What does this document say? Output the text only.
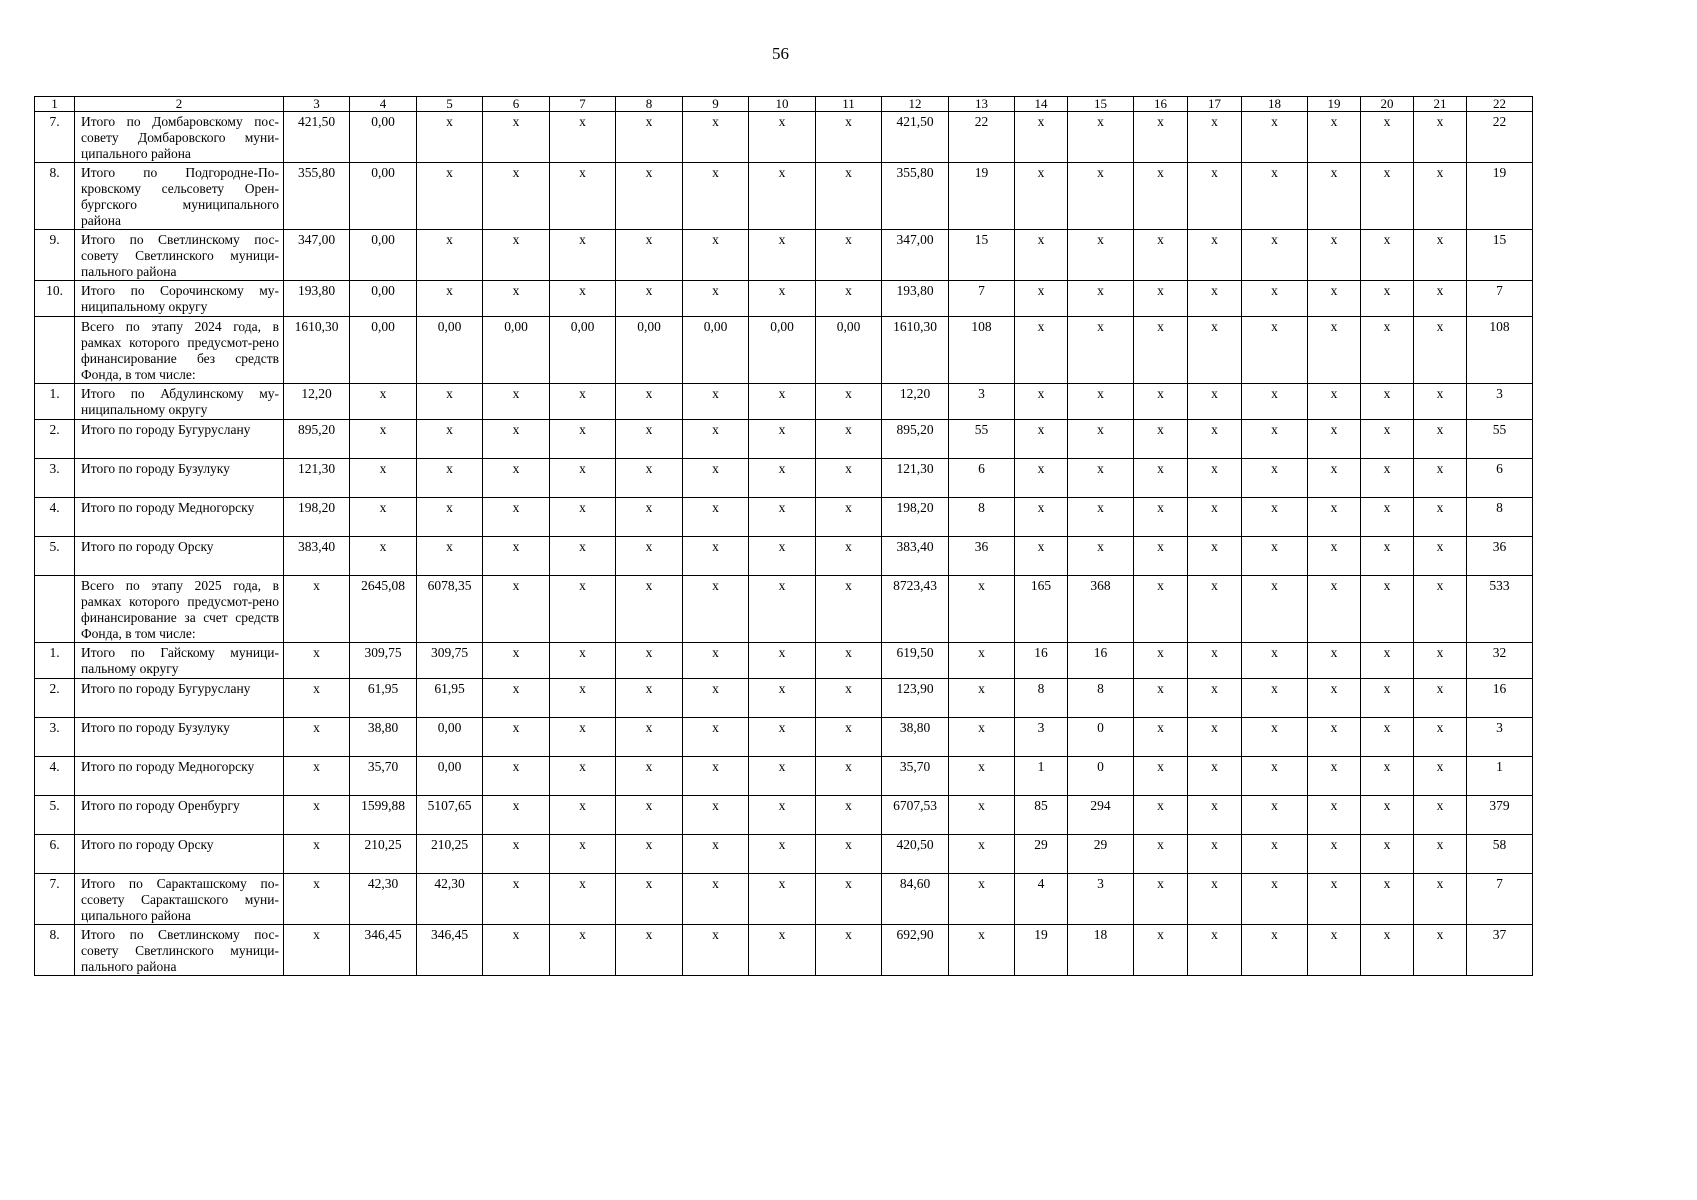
56
1	2	3	4	5	6	7	8	9	10	11	12	13	14	15	16	17	18	19	20	21	22
7.	Итого по Домбаровскому пос-советy Домбаровского муни-ципального района	421,50	0,00	x	x	x	x	x	x	x	421,50	22	x	x	x	x	x	x	x	x	22
8.	Итого по Подгородне-По-кровскому сельсовету Орен-бургского муниципального района	355,80	0,00	x	x	x	x	x	x	x	355,80	19	x	x	x	x	x	x	x	x	19
9.	Итого по Светлинскому пос-совету Светлинского муници-пального района	347,00	0,00	x	x	x	x	x	x	x	347,00	15	x	x	x	x	x	x	x	x	15
10.	Итого по Сорочинскому му-ниципальному округу	193,80	0,00	x	x	x	x	x	x	x	193,80	7	x	x	x	x	x	x	x	x	7
	Всего по этапу 2024 года, в рамках которого предусмот-рено финансирование без средств Фонда, в том числе:	1610,30	0,00	0,00	0,00	0,00	0,00	0,00	0,00	0,00	1610,30	108	x	x	x	x	x	x	x	x	108
1.	Итого по Абдулинскому му-ниципальному округу	12,20	x	x	x	x	x	x	x	x	12,20	3	x	x	x	x	x	x	x	x	3
2.	Итого по городу Бугуруслану	895,20	x	x	x	x	x	x	x	x	895,20	55	x	x	x	x	x	x	x	x	55
3.	Итого по городу Бузулуку	121,30	x	x	x	x	x	x	x	x	121,30	6	x	x	x	x	x	x	x	x	6
4.	Итого по городу Медногорску	198,20	x	x	x	x	x	x	x	x	198,20	8	x	x	x	x	x	x	x	x	8
5.	Итого по городу Орску	383,40	x	x	x	x	x	x	x	x	383,40	36	x	x	x	x	x	x	x	x	36
	Всего по этапу 2025 года, в рамках которого предусмот-рено финансирование за счет средств Фонда, в том числе:	x	2645,08	6078,35	x	x	x	x	x	x	8723,43	x	165	368	x	x	x	x	x	x	533
1.	Итого по Гайскому муници-пальному округу	x	309,75	309,75	x	x	x	x	x	x	619,50	x	16	16	x	x	x	x	x	x	32
2.	Итого по городу Бугуруслану	x	61,95	61,95	x	x	x	x	x	x	123,90	x	8	8	x	x	x	x	x	x	16
3.	Итого по городу Бузулуку	x	38,80	0,00	x	x	x	x	x	x	38,80	x	3	0	x	x	x	x	x	x	3
4.	Итого по городу Медногорску	x	35,70	0,00	x	x	x	x	x	x	35,70	x	1	0	x	x	x	x	x	x	1
5.	Итого по городу Оренбургу	x	1599,88	5107,65	x	x	x	x	x	x	6707,53	x	85	294	x	x	x	x	x	x	379
6.	Итого по городу Орску	x	210,25	210,25	x	x	x	x	x	x	420,50	x	29	29	x	x	x	x	x	x	58
7.	Итого по Саракташскому по-ссовету Саракташского муни-ципального района	x	42,30	42,30	x	x	x	x	x	x	84,60	x	4	3	x	x	x	x	x	x	7
8.	Итого по Светлинскому пос-совету Светлинского муници-пального района	x	346,45	346,45	x	x	x	x	x	x	692,90	x	19	18	x	x	x	x	x	x	37
